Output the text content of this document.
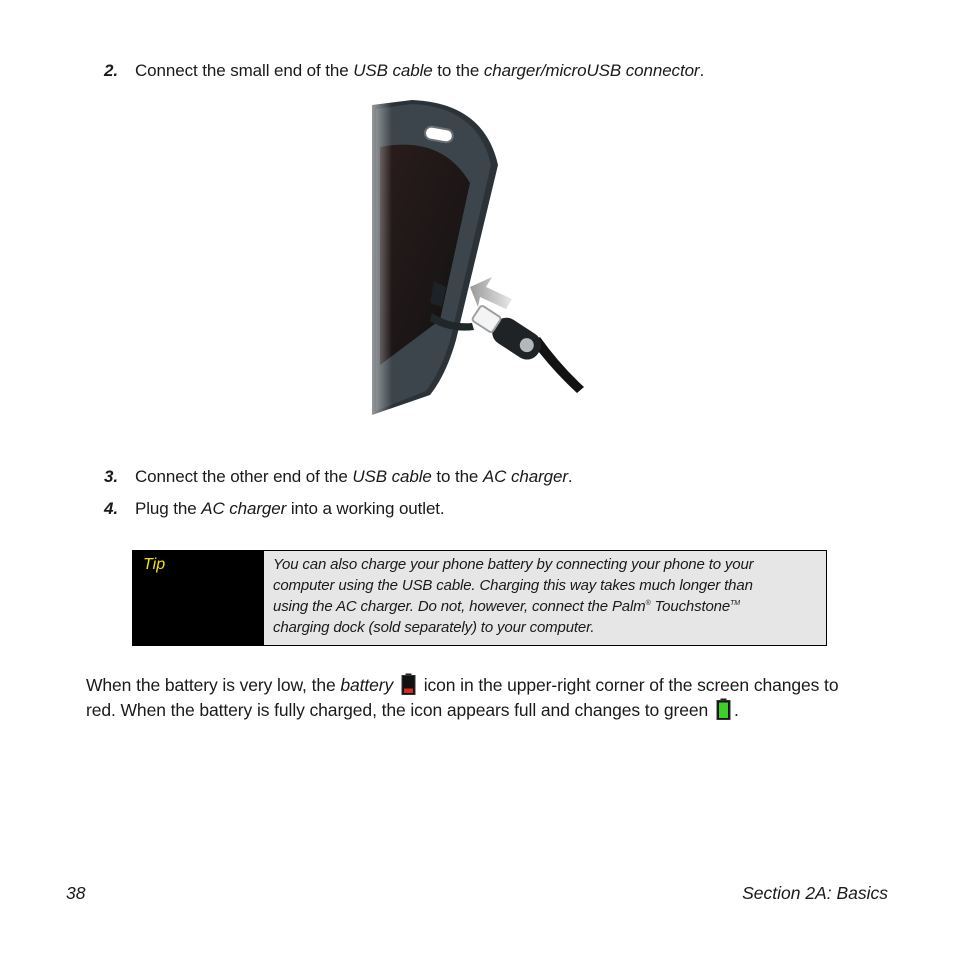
2. Connect the small end of the USB cable to the charger/microUSB connector.
3. Connect the other end of the USB cable to the AC charger.
4. Plug the AC charger into a working outlet.
Tip	You can also charge your phone battery by connecting your phone to your
computer using the USB cable. Charging this way takes much longer than
using the AC charger. Do not, however, connect the Palm® Touchstone™
charging dock (sold separately) to your computer.
When the battery is very low, the battery  icon in the upper-right corner of the screen changes to red. When the battery is fully charged, the icon appears full and changes to green .
38	Section 2A: Basics
